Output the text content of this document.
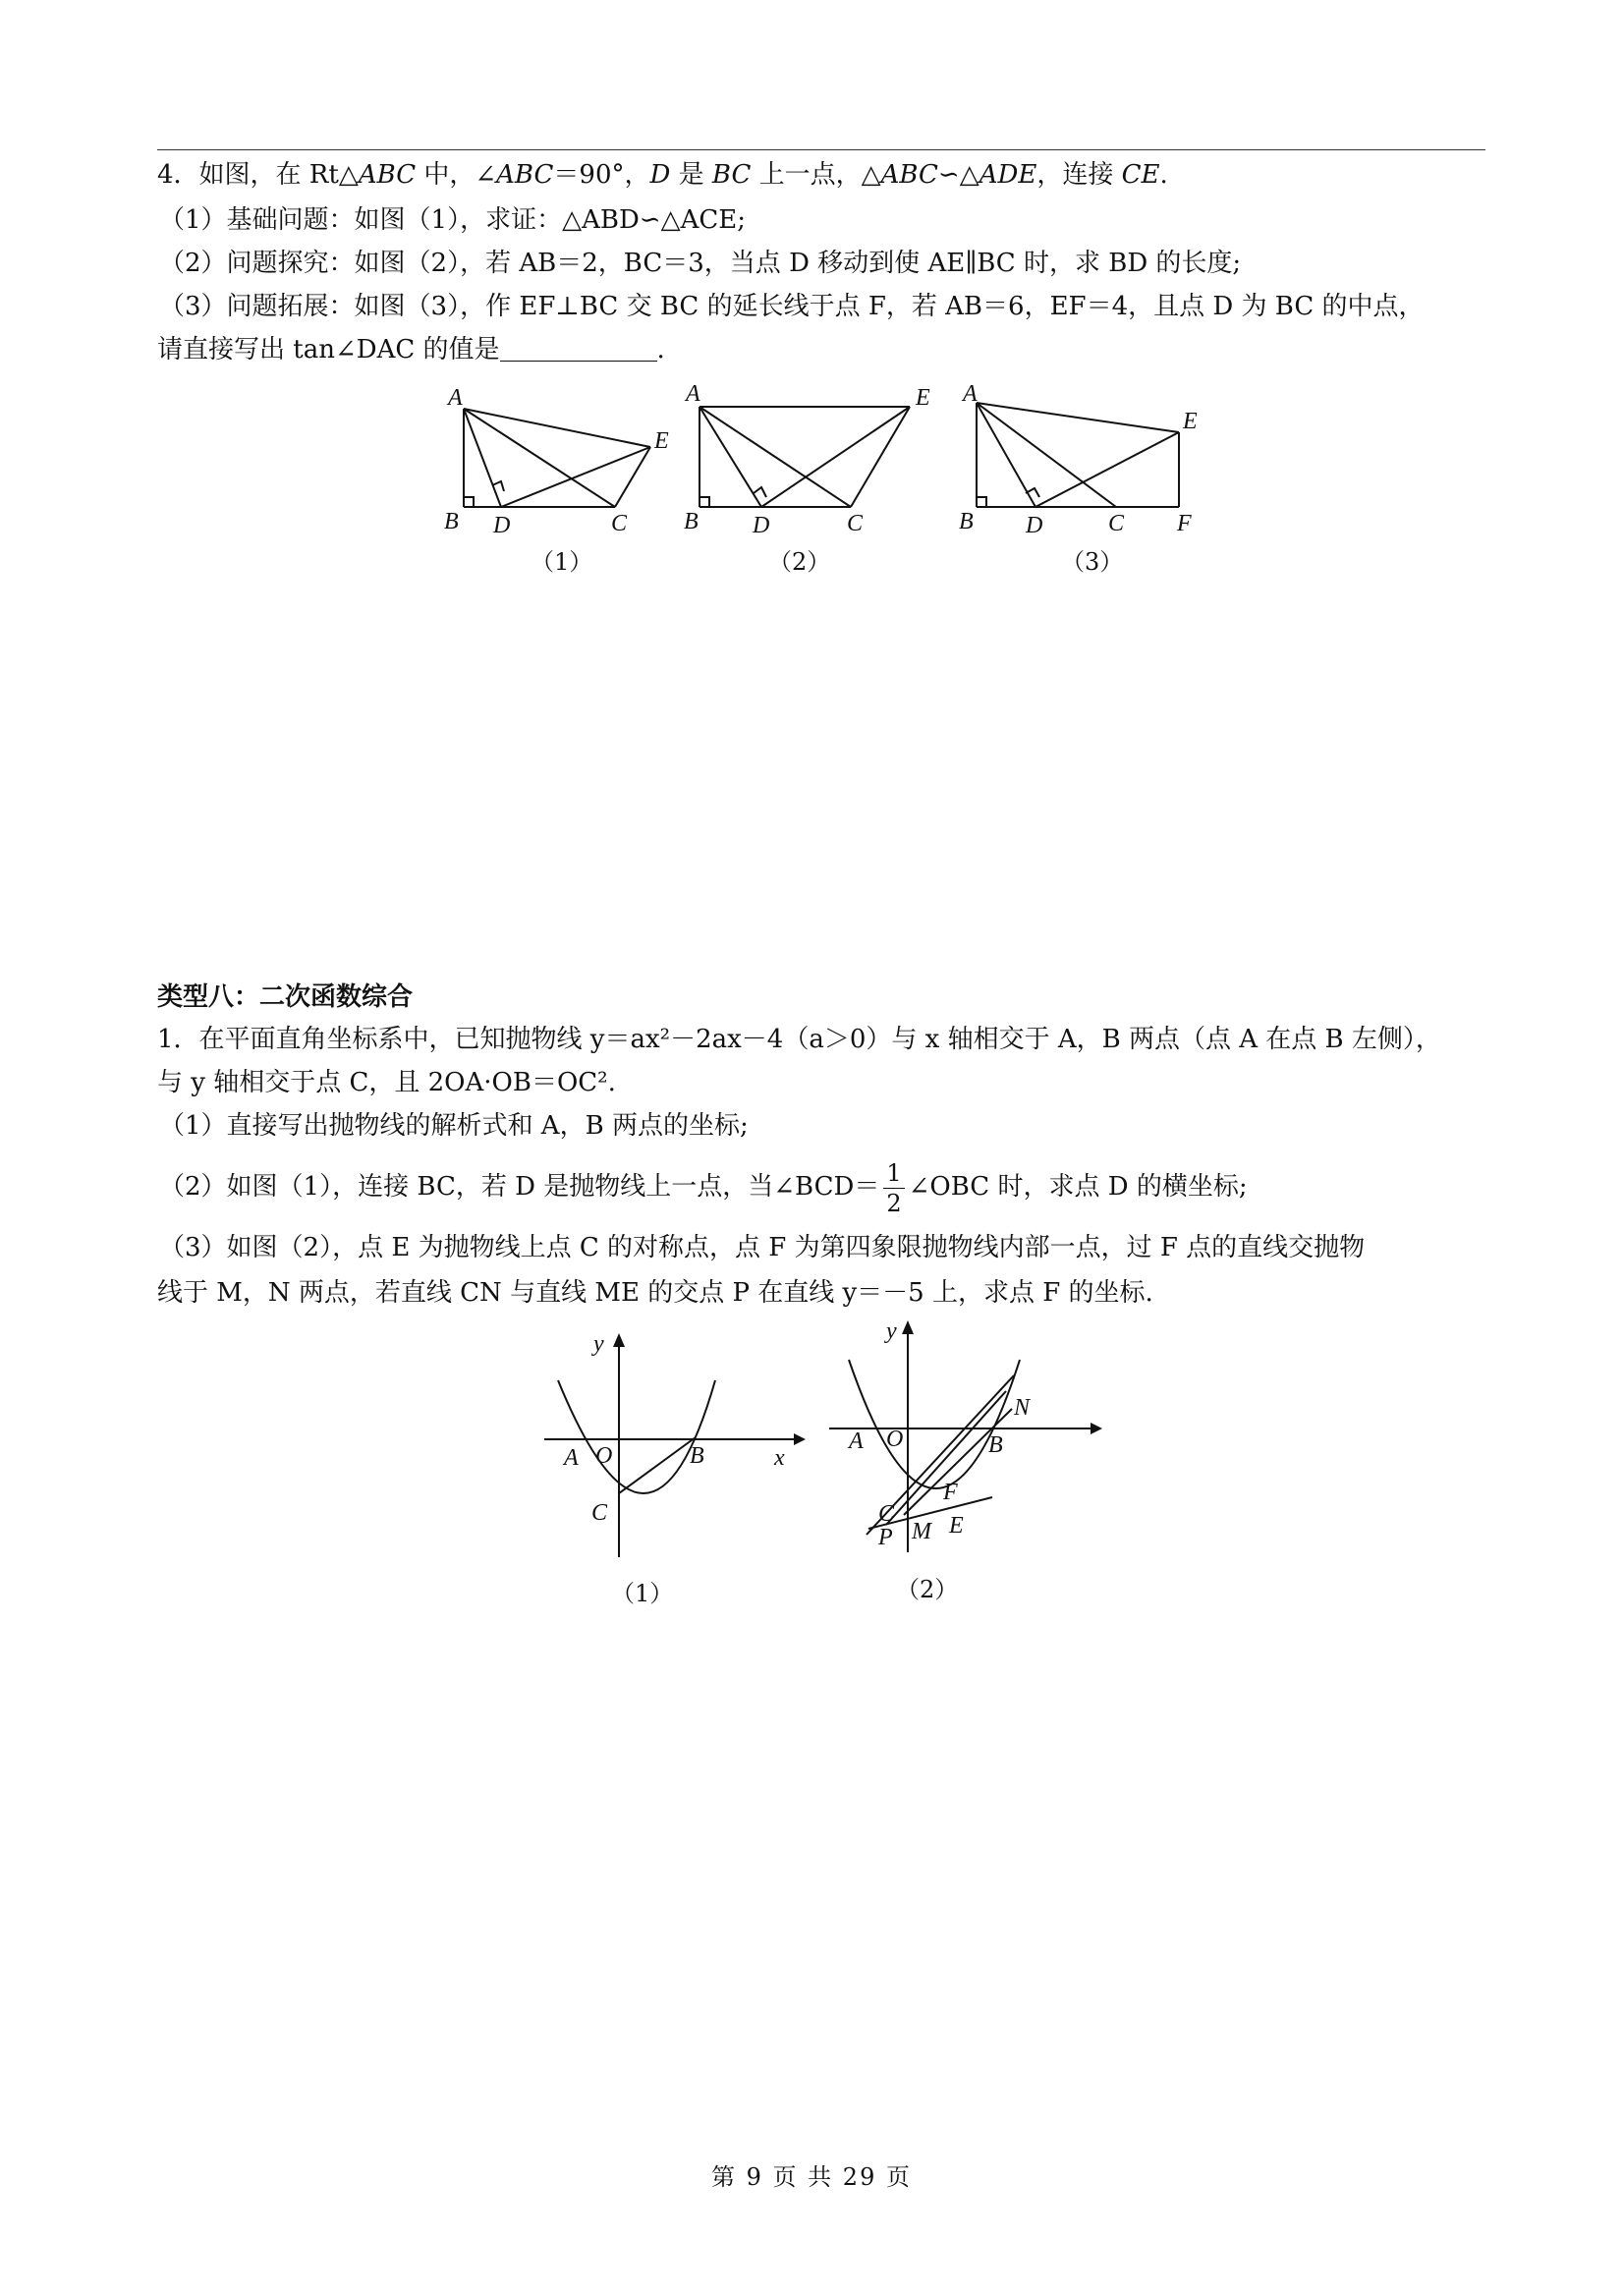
4．如图，在 Rt△ABC 中，∠ABC＝90°，D 是 BC 上一点，△ABC∽△ADE，连接 CE.
（1）基础问题：如图（1），求证：△ABD∽△ACE;
（2）问题探究：如图（2），若 AB＝2，BC＝3，当点 D 移动到使 AE∥BC 时，求 BD 的长度;
（3）问题拓展：如图（3），作 EF⊥BC 交 BC 的延长线于点 F，若 AB＝6，EF＝4，且点 D 为 BC 的中点，
请直接写出 tan∠DAC 的值是	.
A
B D	C
E
（1）
A
B D	C
E
（2）
A
B D	C F
E
（3）
类型八：二次函数综合
1．在平面直角坐标系中，已知抛物线 y＝ax²－2ax－4（a＞0）与 x 轴相交于 A，B 两点（点 A 在点 B 左侧），
与 y 轴相交于点 C，且 2OA·OB＝OC².
（1）直接写出抛物线的解析式和 A，B 两点的坐标;
（2）如图（1），连接 BC，若 D 是抛物线上一点，当∠BCD＝ $\frac{1}{2}$ ∠OBC 时，求点 D 的横坐标;
（3）如图（2），点 E 为抛物线上点 C 的对称点，点 F 为第四象限抛物线内部一点，过 F 点的直线交抛物
线于 M，N 两点，若直线 CN 与直线 ME 的交点 P 在直线 y＝－5 上，求点 F 的坐标.
y
x
A O	B
C
（1）
y
A O	B
N
C
P M
F
E
（2）
第 9 页 共 29 页
